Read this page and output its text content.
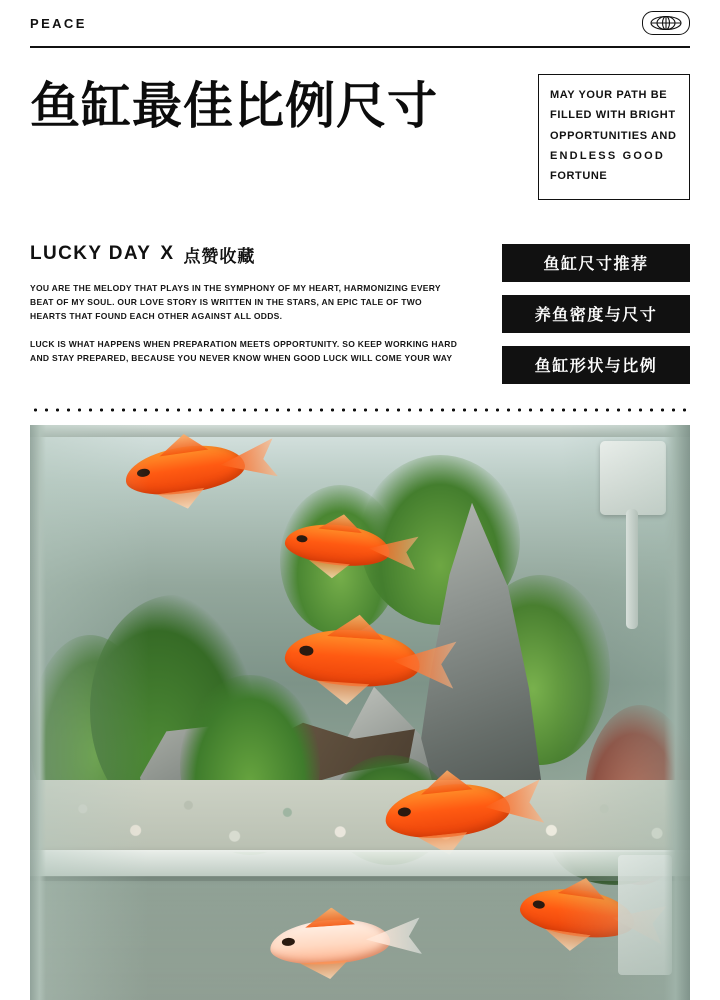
PEACE
鱼缸最佳比例尺寸	MAY YOUR PATH BE
FILLED WITH BRIGHT
OPPORTUNITIES AND
ENDLESS GOOD
FORTUNE
LUCKY DAY X 点赞收藏

YOU ARE THE MELODY THAT PLAYS IN THE SYMPHONY OF MY HEART, HARMONIZING EVERY BEAT OF MY SOUL. OUR LOVE STORY IS WRITTEN IN THE STARS, AN EPIC TALE OF TWO HEARTS THAT FOUND EACH OTHER AGAINST ALL ODDS.

LUCK IS WHAT HAPPENS WHEN PREPARATION MEETS OPPORTUNITY. SO KEEP WORKING HARD AND STAY PREPARED, BECAUSE YOU NEVER KNOW WHEN GOOD LUCK WILL COME YOUR WAY

鱼缸尺寸推荐
养鱼密度与尺寸
鱼缸形状与比例
